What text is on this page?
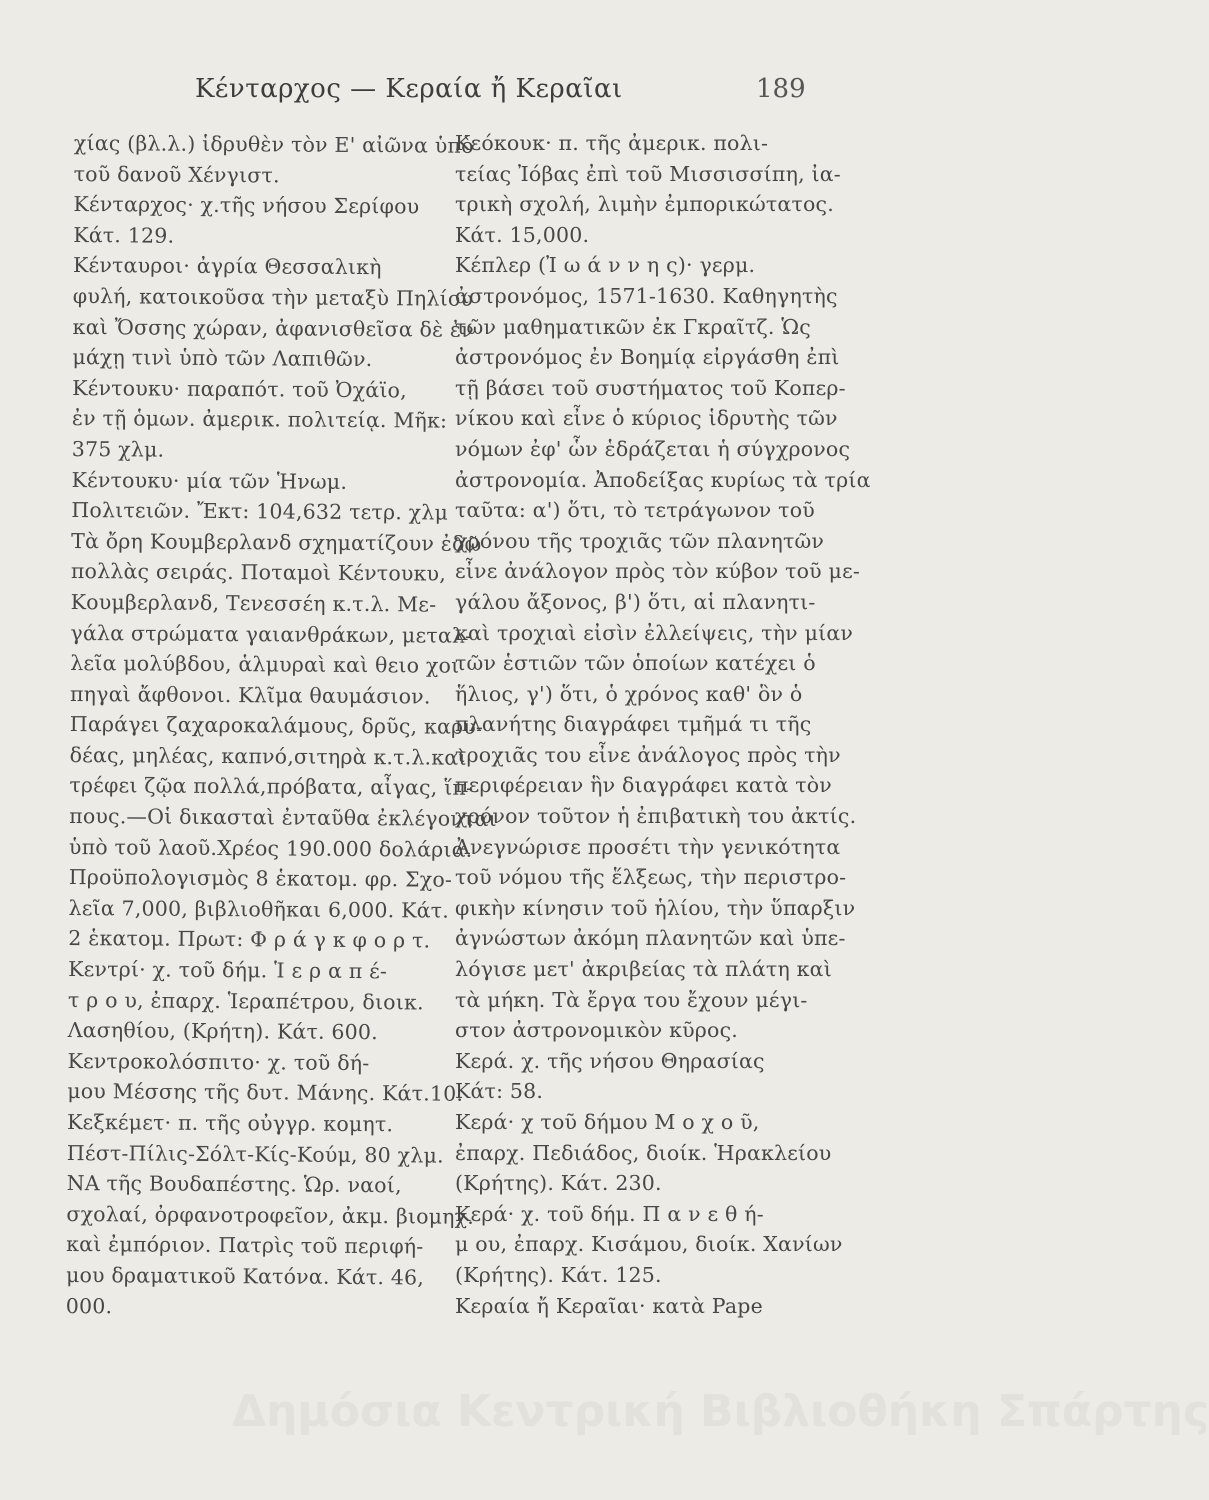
Κένταρχος — Κεραία ἤ Κεραῖαι	189
χίας (βλ.λ.) ἱδρυθὲν τὸν Ε' αἰῶνα ὑπὸ
τοῦ δανοῦ Χένγιστ.
Κένταρχος· χ.τῆς νήσου Σερίφου
Κάτ. 129.
Κένταυροι· ἀγρία Θεσσαλικὴ
φυλή, κατοικοῦσα τὴν μεταξὺ Πηλίου
καὶ Ὄσσης χώραν, ἀφανισθεῖσα δὲ ἐν
μάχῃ τινὶ ὑπὸ τῶν Λαπιθῶν.
Κέντουκυ· παραπότ. τοῦ Ὀχάϊο,
ἐν τῇ ὁμων. ἀμερικ. πολιτείᾳ. Μῆκ:
375 χλμ.
Κέντουκυ· μία τῶν Ἡνωμ.
Πολιτειῶν. Ἔκτ: 104,632 τετρ. χλμ
Τὰ ὄρη Κουμβερλανδ σχηματίζουν ἐδῶ
πολλὰς σειράς. Ποταμοὶ Κέντουκυ,
Κουμβερλανδ, Τενεσσέη κ.τ.λ. Με-
γάλα στρώματα γαιανθράκων, μεταλ-
λεῖα μολύβδου, ἁλμυραὶ καὶ θειο χοι
πηγαὶ ἄφθονοι. Κλῖμα θαυμάσιον.
Παράγει ζαχαροκαλάμους, δρῦς, καρυ-
δέας, μηλέας, καπνό,σιτηρὰ κ.τ.λ.καὶ
τρέφει ζῷα πολλά,πρόβατα, αἶγας, ἵπ-
πους.—Οἱ δικασταὶ ἐνταῦθα ἐκλέγονται
ὑπὸ τοῦ λαοῦ.Χρέος 190.000 δολάρια.
Προϋπολογισμὸς 8 ἑκατομ. φρ. Σχο-
λεῖα 7,000, βιβλιοθῆκαι 6,000. Κάτ.
2 ἑκατομ. Πρωτ: Φ ρ ά γ κ φ ο ρ τ.
Κεντρί· χ. τοῦ δήμ. Ἱ ε ρ α π έ-
τ ρ ο υ, ἐπαρχ. Ἱεραπέτρου, διοικ.
Λασηθίου, (Κρήτη). Κάτ. 600.
Κεντροκολόσπιτο· χ. τοῦ δή-
μου Μέσσης τῆς δυτ. Μάνης. Κάτ.10.
Κεξκέμετ· π. τῆς οὐγγρ. κομητ.
Πέστ-Πίλις-Σόλτ-Κίς-Κούμ, 80 χλμ.
ΝΑ τῆς Βουδαπέστης. Ὡρ. ναοί,
σχολαί, ὀρφανοτροφεῖον, ἀκμ. βιομηχ.
καὶ ἐμπόριον. Πατρὶς τοῦ περιφή-
μου δραματικοῦ Κατόνα. Κάτ. 46,
000.
Κεόκουκ· π. τῆς ἀμερικ. πολι-
τείας Ἰόβας ἐπὶ τοῦ Μισσισσίπη, ἰα-
τρικὴ σχολή, λιμὴν ἐμπορικώτατος.
Κάτ. 15,000.
Κέπλερ (Ἰ ω ά ν ν η ς)· γερμ.
ἀστρονόμος, 1571-1630. Καθηγητὴς
τῶν μαθηματικῶν ἐκ Γκραῖτζ. Ὡς
ἀστρονόμος ἐν Βοημίᾳ εἰργάσθη ἐπὶ
τῇ βάσει τοῦ συστήματος τοῦ Κοπερ-
νίκου καὶ εἶνε ὁ κύριος ἱδρυτὴς τῶν
νόμων ἐφ' ὧν ἑδράζεται ἡ σύγχρονος
ἀστρονομία. Ἀποδείξας κυρίως τὰ τρία
ταῦτα: α') ὅτι, τὸ τετράγωνον τοῦ
χρόνου τῆς τροχιᾶς τῶν πλανητῶν
εἶνε ἀνάλογον πρὸς τὸν κύβον τοῦ με-
γάλου ἄξονος, β') ὅτι, αἱ πλανητι-
καὶ τροχιαὶ εἰσὶν ἐλλείψεις, τὴν μίαν
τῶν ἑστιῶν τῶν ὁποίων κατέχει ὁ
ἥλιος, γ') ὅτι, ὁ χρόνος καθ' ὃν ὁ
πλανήτης διαγράφει τμῆμά τι τῆς
τροχιᾶς του εἶνε ἀνάλογος πρὸς τὴν
περιφέρειαν ἣν διαγράφει κατὰ τὸν
χρόνον τοῦτον ἡ ἐπιβατικὴ του ἀκτίς.
Ἀνεγνώρισε προσέτι τὴν γενικότητα
τοῦ νόμου τῆς ἕλξεως, τὴν περιστρο-
φικὴν κίνησιν τοῦ ἡλίου, τὴν ὕπαρξιν
ἀγνώστων ἀκόμη πλανητῶν καὶ ὑπε-
λόγισε μετ' ἀκριβείας τὰ πλάτη καὶ
τὰ μήκη. Τὰ ἔργα του ἔχουν μέγι-
στον ἀστρονομικὸν κῦρος.
Κερά. χ. τῆς νήσου Θηρασίας
Κάτ: 58.
Κερά· χ τοῦ δήμου Μ ο χ ο ῦ,
ἐπαρχ. Πεδιάδος, διοίκ. Ἡρακλείου
(Κρήτης). Κάτ. 230.
Κερά· χ. τοῦ δήμ. Π α ν ε θ ή-
μ ου, ἐπαρχ. Κισάμου, διοίκ. Χανίων
(Κρήτης). Κάτ. 125.
Κεραία ἤ Κεραῖαι· κατὰ Pape
Δημόσια Κεντρική Βιβλιοθήκη Σπάρτης
